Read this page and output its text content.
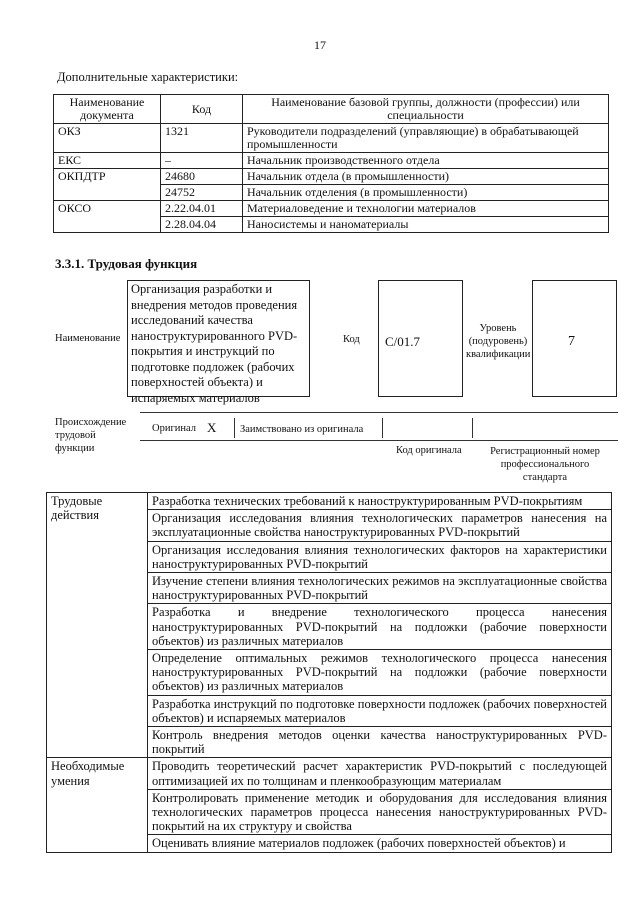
17
Дополнительные характеристики:
Наименование документа	Код	Наименование базовой группы, должности (профессии) или специальности
ОКЗ	1321	Руководители подразделений (управляющие) в обрабатывающей промышленности
ЕКС	–	Начальник производственного отдела
ОКПДТР	24680	Начальник отдела (в промышленности)
	24752	Начальник отделения (в промышленности)
ОКСО	2.22.04.01	Материаловедение и технологии материалов
	2.28.04.04	Наносистемы и наноматериалы
3.3.1. Трудовая функция
Наименование
Организация разработки и внедрения методов проведения исследований качества наноструктурированного PVD-покрытия и инструкций по подготовке подложек (рабочих поверхностей объекта) и испаряемых материалов
Код С/01.7
Уровень (подуровень) квалификации
7
Происхождение трудовой функции
Оригинал X Заимствовано из оригинала
Код оригинала	Регистрационный номер профессионального стандарта
Трудовые действия	Разработка технических требований к наноструктурированным PVD-покрытиям
	Организация исследования влияния технологических параметров нанесения на эксплуатационные свойства наноструктурированных PVD-покрытий
	Организация исследования влияния технологических факторов на характеристики наноструктурированных PVD-покрытий
	Изучение степени влияния технологических режимов на эксплуатационные свойства наноструктурированных PVD-покрытий
	Разработка и внедрение технологического процесса нанесения наноструктурированных PVD-покрытий на подложки (рабочие поверхности объектов) из различных материалов
	Определение оптимальных режимов технологического процесса нанесения наноструктурированных PVD-покрытий на подложки (рабочие поверхности объектов) из различных материалов
	Разработка инструкций по подготовке поверхности подложек (рабочих поверхностей объектов) и испаряемых материалов
	Контроль внедрения методов оценки качества наноструктурированных PVD-покрытий
Необходимые умения	Проводить теоретический расчет характеристик PVD-покрытий с последующей оптимизацией их по толщинам и пленкообразующим материалам
	Контролировать применение методик и оборудования для исследования влияния технологических параметров процесса нанесения наноструктурированных PVD-покрытий на их структуру и свойства
	Оценивать влияние материалов подложек (рабочих поверхностей объектов) и
